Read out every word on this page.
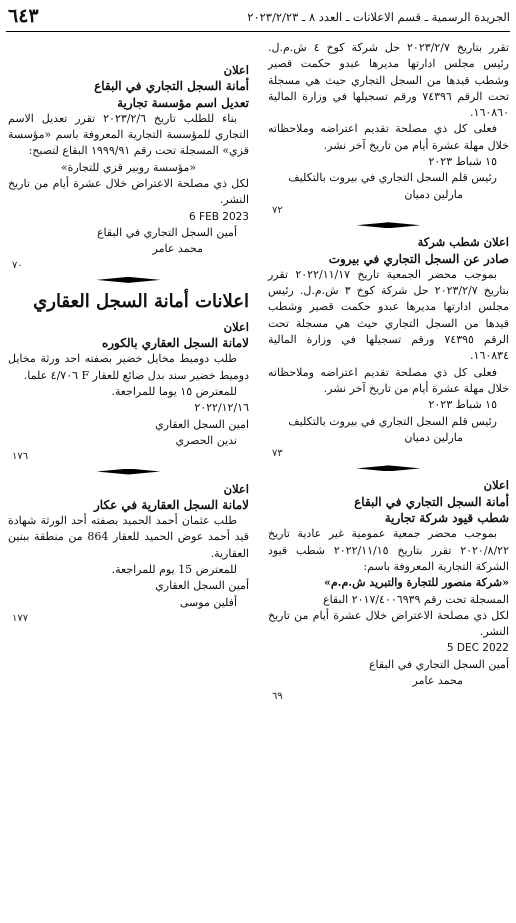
الجريدة الرسمية ـ قسم الاعلانات ـ العدد ٨ ـ ٢٠٢٣/٢/٢٣
٦٤٣

تقرر بتاريخ ٢٠٢٣/٢/٧ حل شركة كوخ ٤ ش.م.ل. رئيس مجلس ادارتها مديرها عبدو حكمت قصير وشطب قيدها من السجل التجاري حيث هي مسجلة تحت الرقم ٧٤٣٩٦ ورقم تسجيلها في وزارة المالية ١٦٠٨٦٠.

فعلى كل ذي مصلحة تقديم اعتراضه وملاحظاته خلال مهلة عشرة أيام من تاريخ آخر نشر.

١٥ شباط ٢٠٢٣

رئيس قلم السجل التجاري في بيروت بالتكليف

مارلين دميان

٧٢

اعلان شطب شركة

صادر عن السجل التجاري في بيروت

بموجب محضر الجمعية تاريخ ٢٠٢٢/١١/١٧ تقرر بتاريخ ٢٠٢٣/٢/٧ حل شركة كوخ ٣ ش.م.ل. رئيس مجلس ادارتها مديرها عبدو حكمت قصير وشطب قيدها من السجل التجاري حيث هي مسجلة تحت الرقم ٧٤٣٩٥ ورقم تسجيلها في وزارة المالية ١٦٠٨٣٤.

فعلى كل ذي مصلحة تقديم اعتراضه وملاحظاته خلال مهلة عشرة أيام من تاريخ آخر نشر.

١٥ شباط ٢٠٢٣

رئيس قلم السجل التجاري في بيروت بالتكليف

مارلين دميان

٧٣

اعلان

أمانة السجل التجاري في البقاع

شطب قيود شركة تجارية

بموجب محضر جمعية عمومية غير عادية تاريخ ٢٠٢٠/٨/٢٢ تقرر بتاريخ ٢٠٢٢/١١/١٥ شطب قيود الشركة التجارية المعروفة باسم:

«شركة منصور للتجارة والتبريد ش.م.م»

المسجلة تحت رقم ٢٠١٧/٤٠٠٦٩٣٩ البقاع

لكل ذي مصلحة الاعتراض خلال عشرة أيام من تاريخ النشر.

5 DEC 2022

أمين السجل التجاري في البقاع

محمد عامر

٦٩

اعلان

أمانة السجل التجاري في البقاع

تعديل اسم مؤسسة تجارية

بناء للطلب تاريخ ٢٠٢٣/٢/٦ تقرر تعديل الاسم التجاري للمؤسسة التجارية المعروفة باسم «مؤسسة قزي» المسجلة تحت رقم ١٩٩٩/٩١ البقاع لتصبح:

«مؤسسة روبير قزي للتجارة»

لكل ذي مصلحة الاعتراض خلال عشرة أيام من تاريخ النشر.

6 FEB 2023

أمين السجل التجاري في البقاع

محمد عامر

٧٠

اعلانات أمانة السجل العقاري

اعلان

لامانة السجل العقاري بالكوره

طلب دوميط مخايل خضير بصفته احد ورثة مخايل دوميط خضير سند بدل ضائع للعقار F ٤/٧٠٦ علما.

للمعترض ١٥ يوما للمراجعة.

٢٠٢٢/١٢/١٦

امين السجل العقاري

ندين الحصري

١٧٦

اعلان

لامانة السجل العقارية في عكار

طلب عثمان أحمد الحميد بصفته أحد الورثة شهادة قيد أحمد عوض الحميد للعقار 864 من منطقة ببنين العقارية.

للمعترض 15 يوم للمراجعة.

أمين السجل العقاري

أفلين موسى

١٧٧
